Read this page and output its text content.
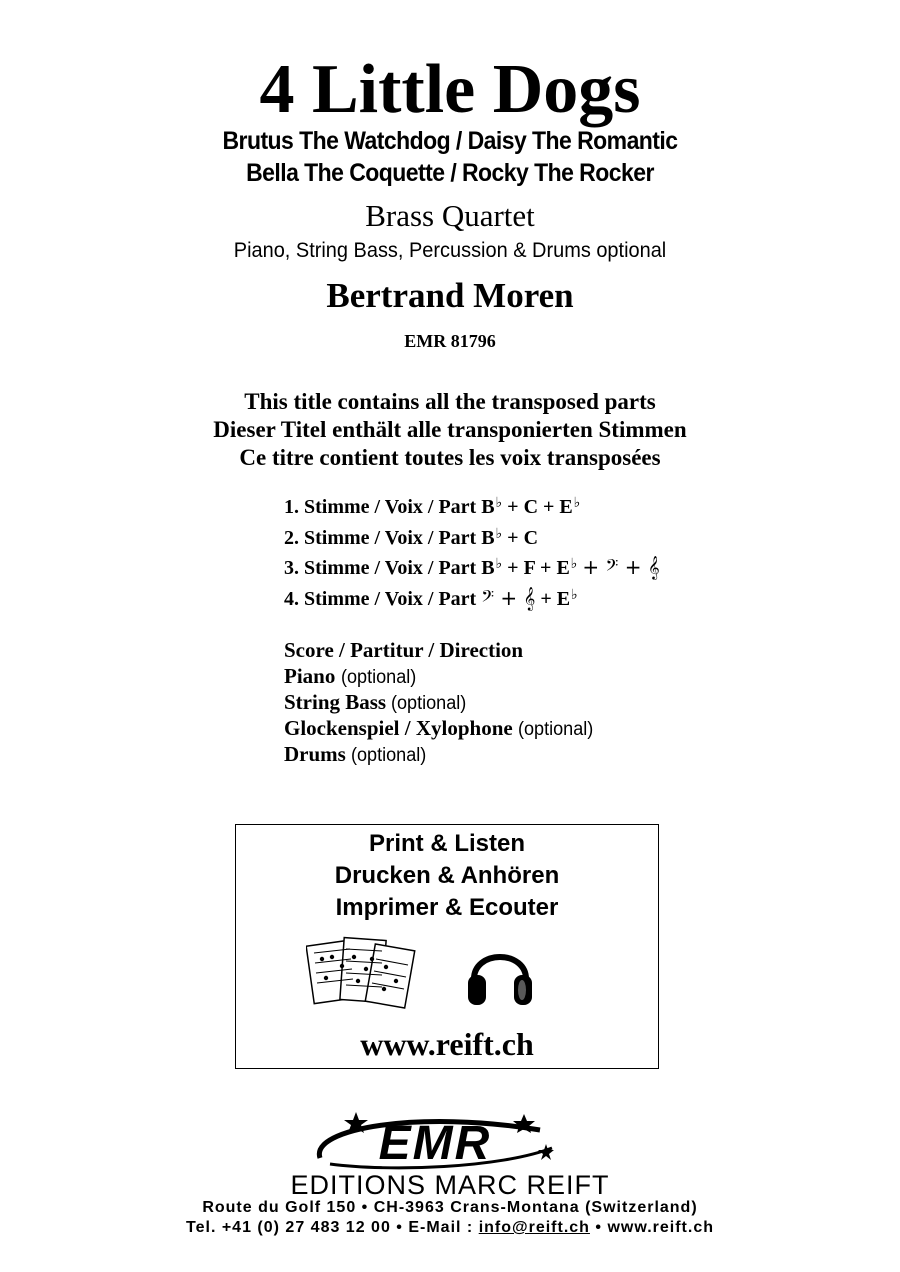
4 Little Dogs
Brutus The Watchdog / Daisy The Romantic
Bella The Coquette / Rocky The Rocker
Brass Quartet
Piano, String Bass, Percussion & Drums optional
Bertrand Moren
EMR 81796
This title contains all the transposed parts
Dieser Titel enthält alle transponierten Stimmen
Ce titre contient toutes les voix transposées
1. Stimme / Voix / Part B♭ + C + E♭
2. Stimme / Voix / Part B♭ + C
3. Stimme / Voix / Part B♭ + F + E♭ + 𝄢 + 𝄞
4. Stimme / Voix / Part 𝄢 + 𝄞 + E♭
Score / Partitur / Direction
Piano (optional)
String Bass (optional)
Glockenspiel / Xylophone (optional)
Drums (optional)
Print & Listen
Drucken & Anhören
Imprimer & Ecouter
www.reift.ch
EMR
EDITIONS MARC REIFT
Route du Golf 150 • CH-3963 Crans-Montana (Switzerland)
Tel. +41 (0) 27 483 12 00 • E-Mail : info@reift.ch • www.reift.ch
